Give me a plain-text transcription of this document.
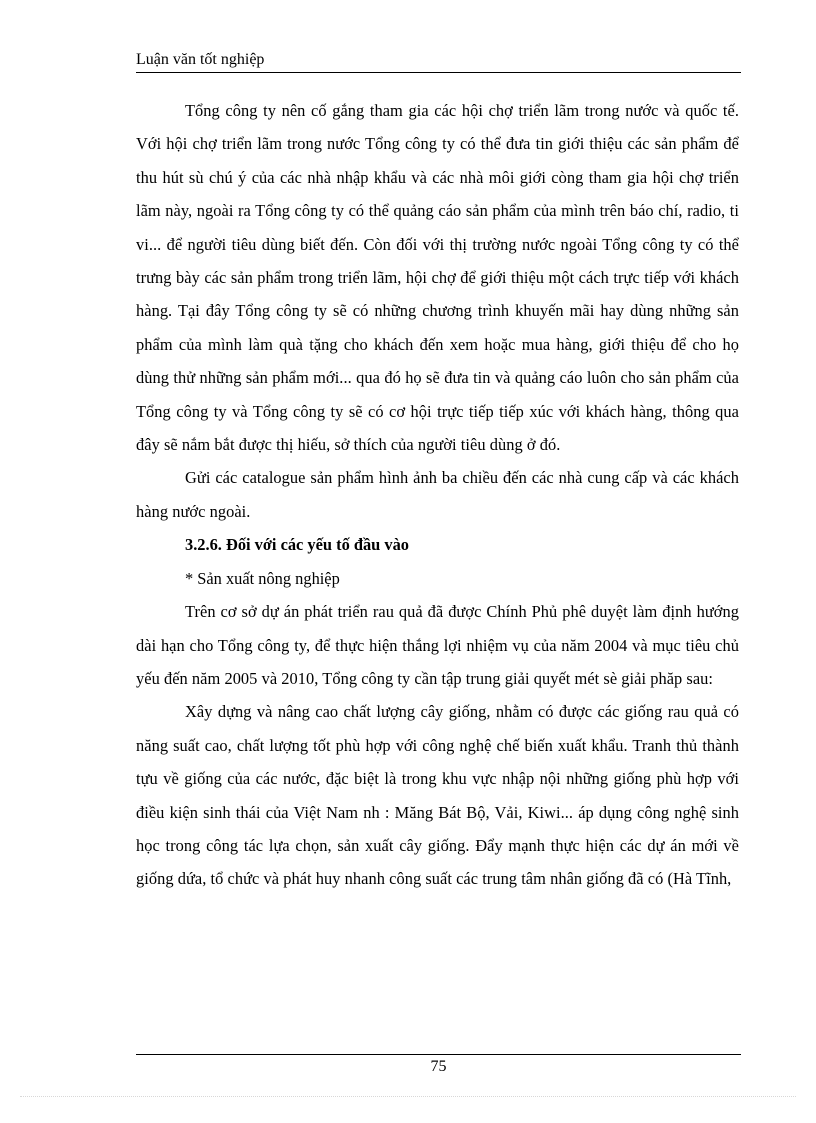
Luận văn tốt nghiệp

Tổng công ty nên cố gắng tham gia các hội chợ triển lãm trong nước và quốc tế. Với hội chợ triển lãm trong nước Tổng công ty có thể đưa tin giới thiệu các sản phẩm để thu hút sù chú ý của các nhà nhập khẩu và các nhà môi giới còng tham gia hội chợ triển lãm này, ngoài ra Tổng công ty có thể quảng cáo sản phẩm của mình trên báo chí, radio, ti vi... để người tiêu dùng biết đến. Còn đối với thị trường nước ngoài Tổng công ty có thể trưng bày các sản phẩm trong triển lãm, hội chợ để giới thiệu một cách trực tiếp với khách hàng. Tại đây Tổng công ty sẽ có những chương trình khuyến mãi hay dùng những sản phẩm của mình làm quà tặng cho khách đến xem hoặc mua hàng, giới thiệu để cho họ dùng thử những sản phẩm mới... qua đó họ sẽ đưa tin và quảng cáo luôn cho sản phẩm của Tổng công ty và Tổng công ty sẽ có cơ hội trực tiếp tiếp xúc với khách hàng, thông qua đây sẽ nắm bắt được thị hiếu, sở thích của người tiêu dùng ở đó.

Gửi các catalogue sản phẩm hình ảnh ba chiều đến các nhà cung cấp và các khách hàng nước ngoài.

3.2.6. Đối với các yếu tố đầu vào

* Sản xuất nông nghiệp

Trên cơ sở dự án phát triển rau quả đã được Chính Phủ phê duyệt làm định hướng dài hạn cho Tổng công ty, để thực hiện thắng lợi nhiệm vụ của năm 2004 và mục tiêu chủ yếu đến năm 2005 và 2010, Tổng công ty cần tập trung giải quyết mét sè giải phăp sau:

Xây dựng và nâng cao chất lượng cây giống, nhằm có được các giống rau quả có năng suất cao, chất lượng tốt phù hợp với công nghệ chế biến xuất khẩu. Tranh thủ thành tựu về giống của các nước, đặc biệt là trong khu vực nhập nội những giống phù hợp với điều kiện sinh thái của Việt Nam nh : Măng Bát Bộ, Vải, Kiwi... áp dụng công nghệ sinh học trong công tác lựa chọn, sản xuất cây giống. Đẩy mạnh thực hiện các dự án mới về giống dứa, tổ chức và phát huy nhanh công suất các trung tâm nhân giống đã có (Hà Tĩnh,

75
